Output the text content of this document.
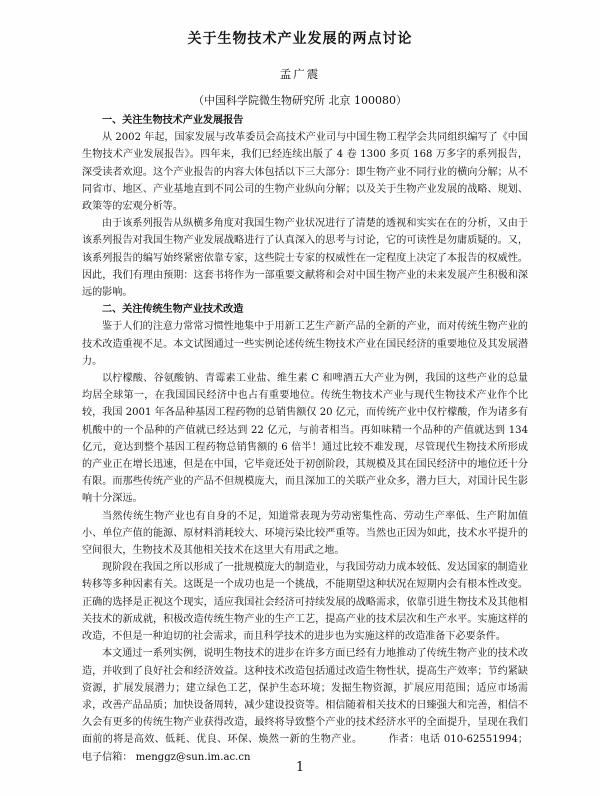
关于生物技术产业发展的两点讨论
孟广震
（中国科学院微生物研究所 北京 100080）

一、关注生物技术产业发展报告

从 2002 年起，国家发展与改革委员会高技术产业司与中国生物工程学会共同组织编写了《中国生物技术产业发展报告》。四年来，我们已经连续出版了 4 卷 1300 多页 168 万多字的系列报告，深受读者欢迎。这个产业报告的内容大体包括以下三大部分：即生物产业不同行业的横向分解；从不同省市、地区、产业基地直到不同公司的生物产业纵向分解；以及关于生物产业发展的战略、规划、政策等的宏观分析等。

由于该系列报告从纵横多角度对我国生物产业状况进行了清楚的透视和实实在在的分析，又由于该系列报告对我国生物产业发展战略进行了认真深入的思考与讨论，它的可读性是勿庸质疑的。又，该系列报告的编写始终紧密依靠专家，这些院士专家的权威性在一定程度上决定了本报告的权威性。因此，我们有理由预期：这套书将作为一部重要文献将和会对中国生物产业的未来发展产生积极和深远的影响。

二、关注传统生物产业技术改造

鉴于人们的注意力常常习惯性地集中于用新工艺生产新产品的全新的产业，而对传统生物产业的技术改造重视不足。本文试图通过一些实例论述传统生物技术产业在国民经济的重要地位及其发展潜力。

以柠檬酸、谷氨酸钠、青霉素工业盐、维生素 C 和啤酒五大产业为例，我国的这些产业的总量均居全球第一，在我国国民经济中也占有重要地位。传统生物技术产业与现代生物技术产业作个比较，我国 2001 年各品种基因工程药物的总销售额仅 20 亿元，而传统产业中仅柠檬酸，作为诸多有机酸中的一个品种的产值就已经达到 22 亿元，与前者相当。再如味精一个品种的产值就达到 134 亿元，竟达到整个基因工程药物总销售额的 6 倍半！通过比较不难发现，尽管现代生物技术所形成的产业正在增长迅速，但是在中国，它毕竟还处于初创阶段，其规模及其在国民经济中的地位还十分有限。而那些传统产业的产品不但规模庞大，而且深加工的关联产业众多，潜力巨大，对国计民生影响十分深远。

当然传统生物产业也有自身的不足，知道常表现为劳动密集性高、劳动生产率低、生产附加值小、单位产值的能源、原材料消耗较大、环境污染比较严重等。当然也正因为如此，技术水平提升的空间很大，生物技术及其他相关技术在这里大有用武之地。

现阶段在我国之所以形成了一批规模庞大的制造业，与我国劳动力成本较低、发达国家的制造业转移等多种因素有关。这既是一个成功也是一个挑战，不能期望这种状况在短期内会有根本性改变。正确的选择是正视这个现实，适应我国社会经济可持续发展的战略需求，依靠引进生物技术及其他相关技术的新成就，积极改造传统生物产业的生产工艺，提高产业的技术层次和生产水平。实施这样的改造，不但是一种迫切的社会需求，而且科学技术的进步也为实施这样的改造准备下必要条件。

本文通过一系列实例，说明生物技术的进步在许多方面已经有力地推动了传统生物产业的技术改造，并收到了良好社会和经济效益。这种技术改造包括通过改造生物性状，提高生产效率；节约紧缺资源，扩展发展潜力；建立绿色工艺，保护生态环境；发掘生物资源，扩展应用范围；适应市场需求，改善产品品质；加快设备周转，减少建设投资等。相信随着相关技术的日臻强大和完善，相信不久会有更多的传统生物产业获得改造，最终将导致整个产业的技术经济水平的全面提升，呈现在我们面前的将是高效、低耗、优良、环保、焕然一新的生物产业。　　　	作者：电话 010-62551994； 电子信箱： menggz@sun.im.ac.cn

1
